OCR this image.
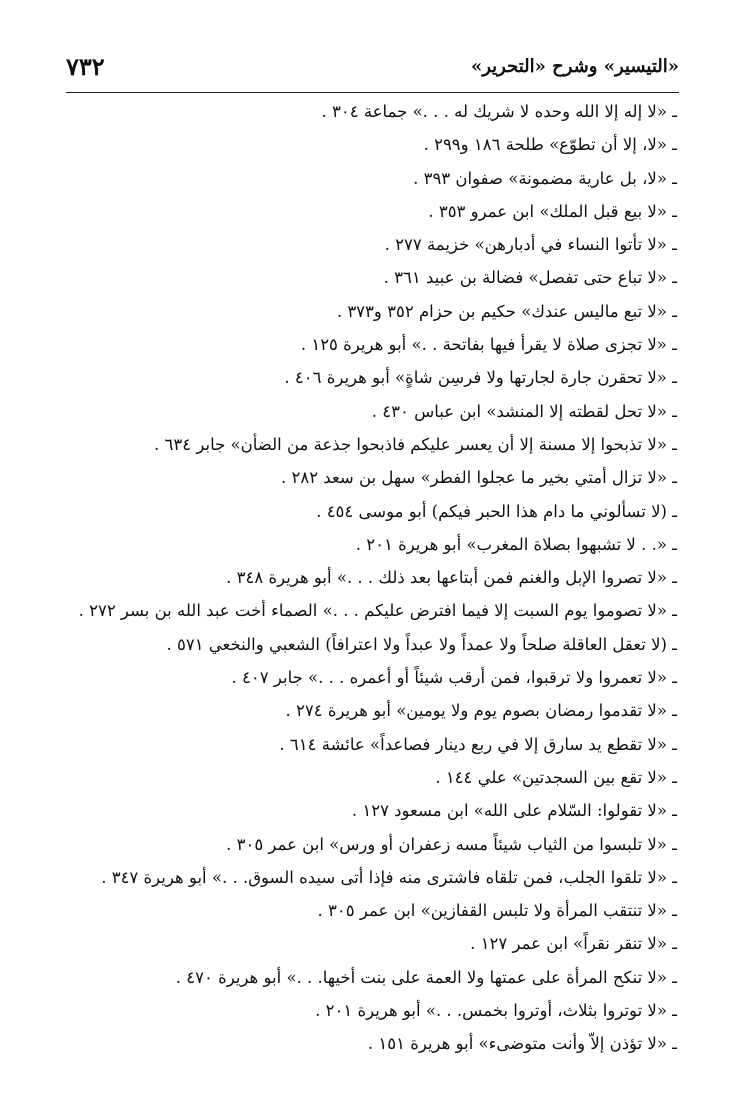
«التيسير» وشرح «التحرير»
٧٣٢
ـ «لا إله إلا الله وحده لا شريك له . . .» جماعة ٣٠٤ .
ـ «لا، إلا أن تطوّع» طلحة ١٨٦ و٢٩٩ .
ـ «لا، بل عارية مضمونة» صفوان ٣٩٣ .
ـ «لا بيع قبل الملك» ابن عمرو ٣٥٣ .
ـ «لا تأتوا النساء في أدبارهن» خزيمة ٢٧٧ .
ـ «لا تباع حتى تفصل» فضالة بن عبيد ٣٦١ .
ـ «لا تبع ماليس عندك» حكيم بن حزام ٣٥٢ و٣٧٣ .
ـ «لا تجزى صلاة لا يقرأ فيها بفاتحة . .» أبو هريرة ١٢٥ .
ـ «لا تحقرن جارة لجارتها ولا فرسِن شاةٍ» أبو هريرة ٤٠٦ .
ـ «لا تحل لقطته إلا المنشد» ابن عباس ٤٣٠ .
ـ «لا تذبحوا إلا مسنة إلا أن يعسر عليكم فاذبحوا جذعة من الضأن» جابر ٦٣٤ .
ـ «لا تزال أمتي بخير ما عجلوا الفطر» سهل بن سعد ٢٨٢ .
ـ (لا تسألوني ما دام هذا الحبر فيكم) أبو موسى ٤٥٤ .
ـ «. . لا تشبهوا بصلاة المغرب» أبو هريرة ٢٠١ .
ـ «لا تصروا الإبل والغنم فمن أبتاعها بعد ذلك . . .» أبو هريرة ٣٤٨ .
ـ «لا تصوموا يوم السبت إلا فيما افترض عليكم . . .» الصماء أخت عبد الله بن بسر ٢٧٢ .
ـ (لا تعقل العاقلة صلحاً ولا عمداً ولا عبداً ولا اعترافاً) الشعبي والنخعي ٥٧١ .
ـ «لا تعمروا ولا ترقبوا، فمن أرقب شيئاً أو أعمره . . .» جابر ٤٠٧ .
ـ «لا تقدموا رمضان بصوم يوم ولا يومين» أبو هريرة ٢٧٤ .
ـ «لا تقطع يد سارق إلا في ربع دينار فصاعداً» عائشة ٦١٤ .
ـ «لا تقع بين السجدتين» علي ١٤٤ .
ـ «لا تقولوا: السّلام على الله» ابن مسعود ١٢٧ .
ـ «لا تلبسوا من الثياب شيئاً مسه زعفران أو ورس» ابن عمر ٣٠٥ .
ـ «لا تلقوا الجلب، فمن تلقاه فاشترى منه فإذا أتى سيده السوق. . .» أبو هريرة ٣٤٧ .
ـ «لا تنتقب المرأة ولا تلبس القفازين» ابن عمر ٣٠٥ .
ـ «لا تنقر نقراً» ابن عمر ١٢٧ .
ـ «لا تنكح المرأة على عمتها ولا العمة على بنت أخيها. . .» أبو هريرة ٤٧٠ .
ـ «لا توتروا بثلاث، أوتروا بخمس. . .» أبو هريرة ٢٠١ .
ـ «لا تؤذن إلاّ وأنت متوضىء» أبو هريرة ١٥١ .
